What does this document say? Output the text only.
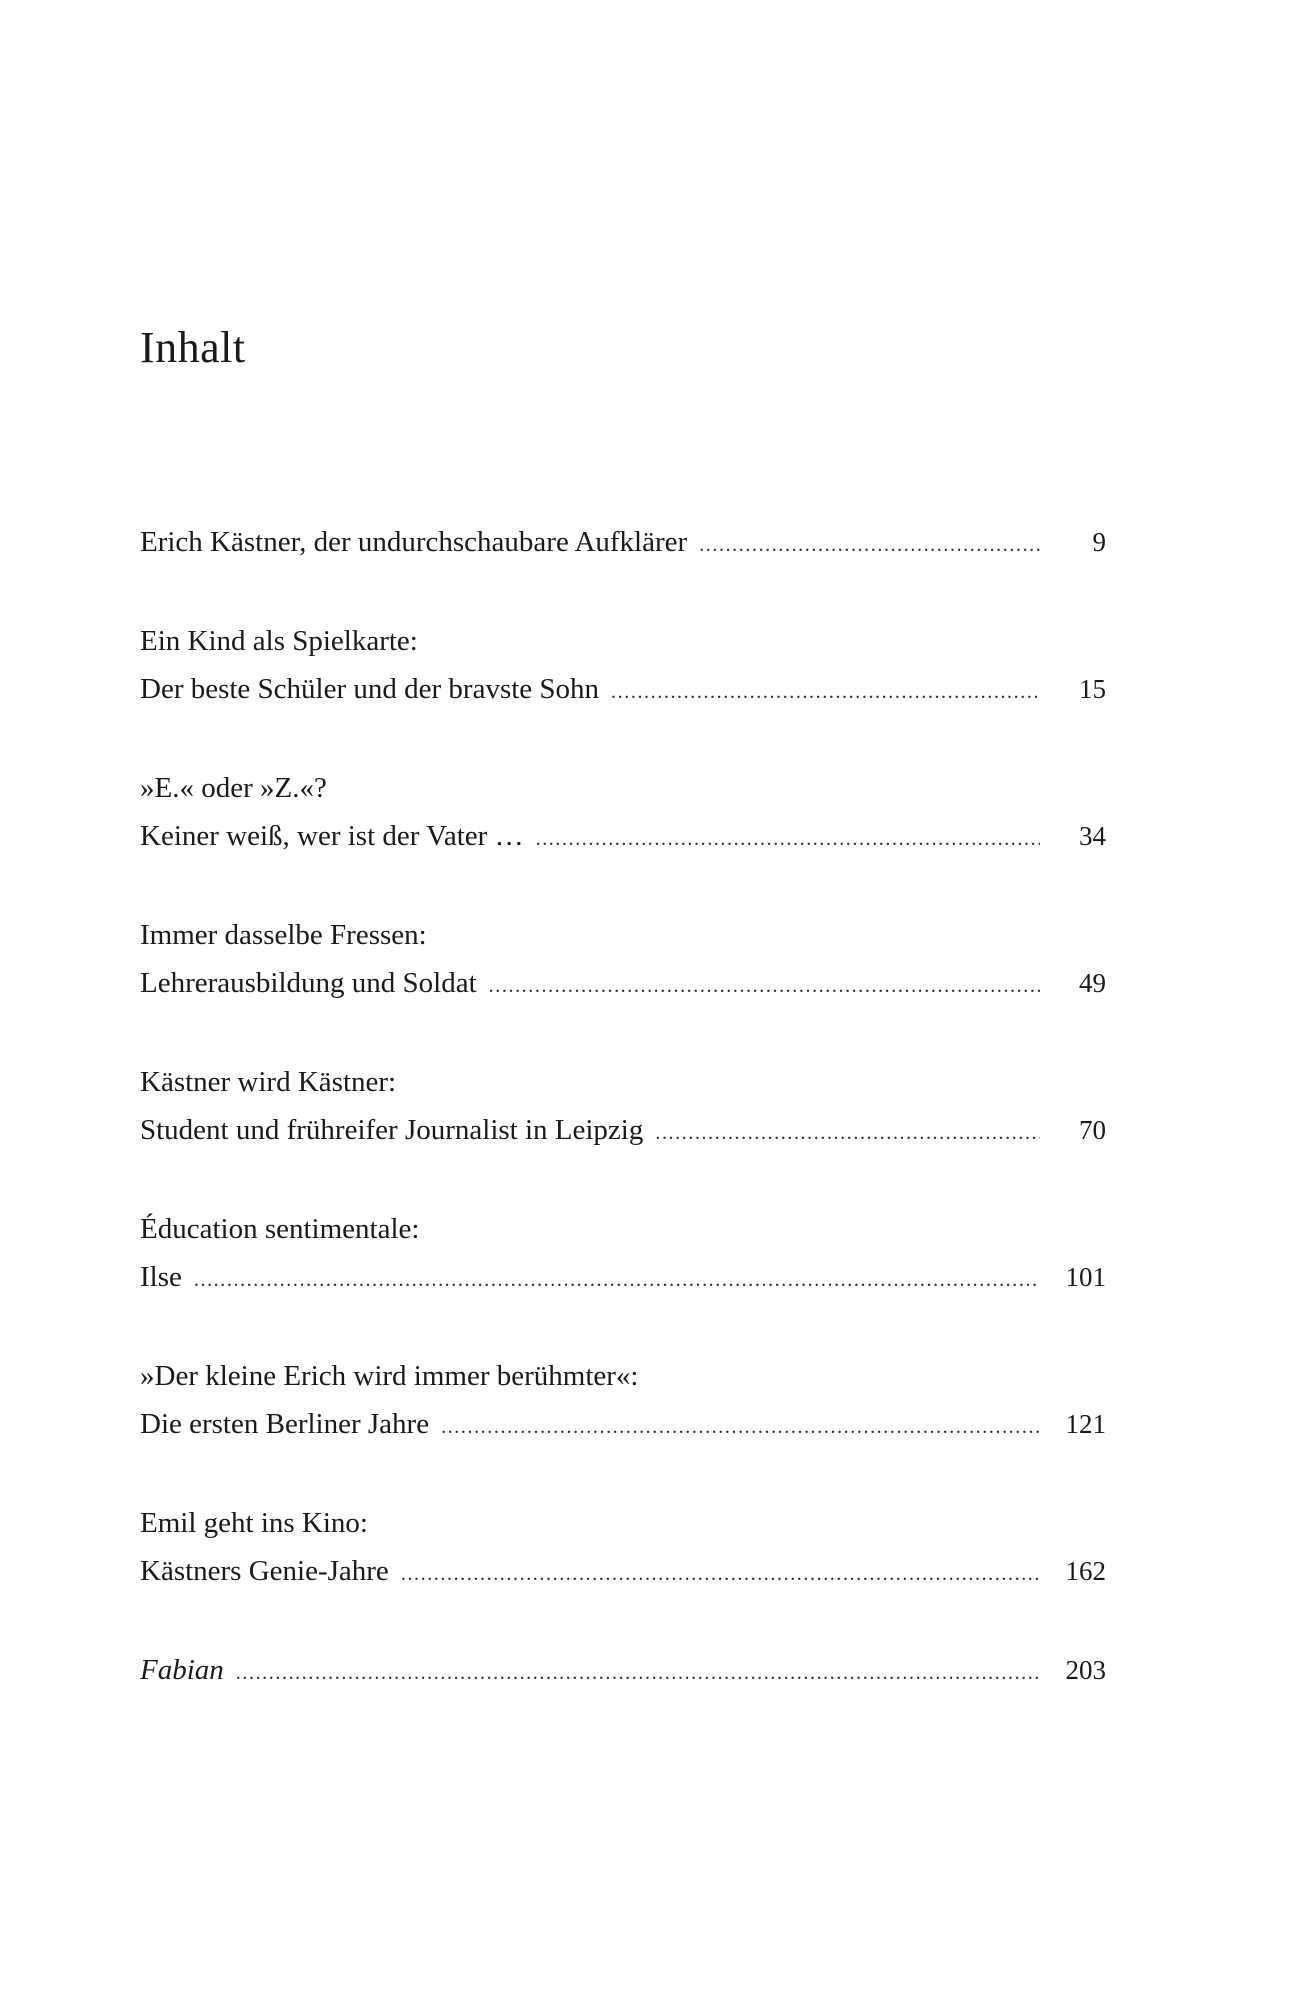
Inhalt
Erich Kästner, der undurchschaubare Aufklärer .....	9
Ein Kind als Spielkarte:
Der beste Schüler und der bravste Sohn .....	15
»E.« oder »Z.«?
Keiner weiß, wer ist der Vater … .....	34
Immer dasselbe Fressen:
Lehrerausbildung und Soldat .....	49
Kästner wird Kästner:
Student und frühreifer Journalist in Leipzig .....	70
Éducation sentimentale:
Ilse .....	101
»Der kleine Erich wird immer berühmter«:
Die ersten Berliner Jahre .....	121
Emil geht ins Kino:
Kästners Genie-Jahre .....	162
Fabian .....	203
